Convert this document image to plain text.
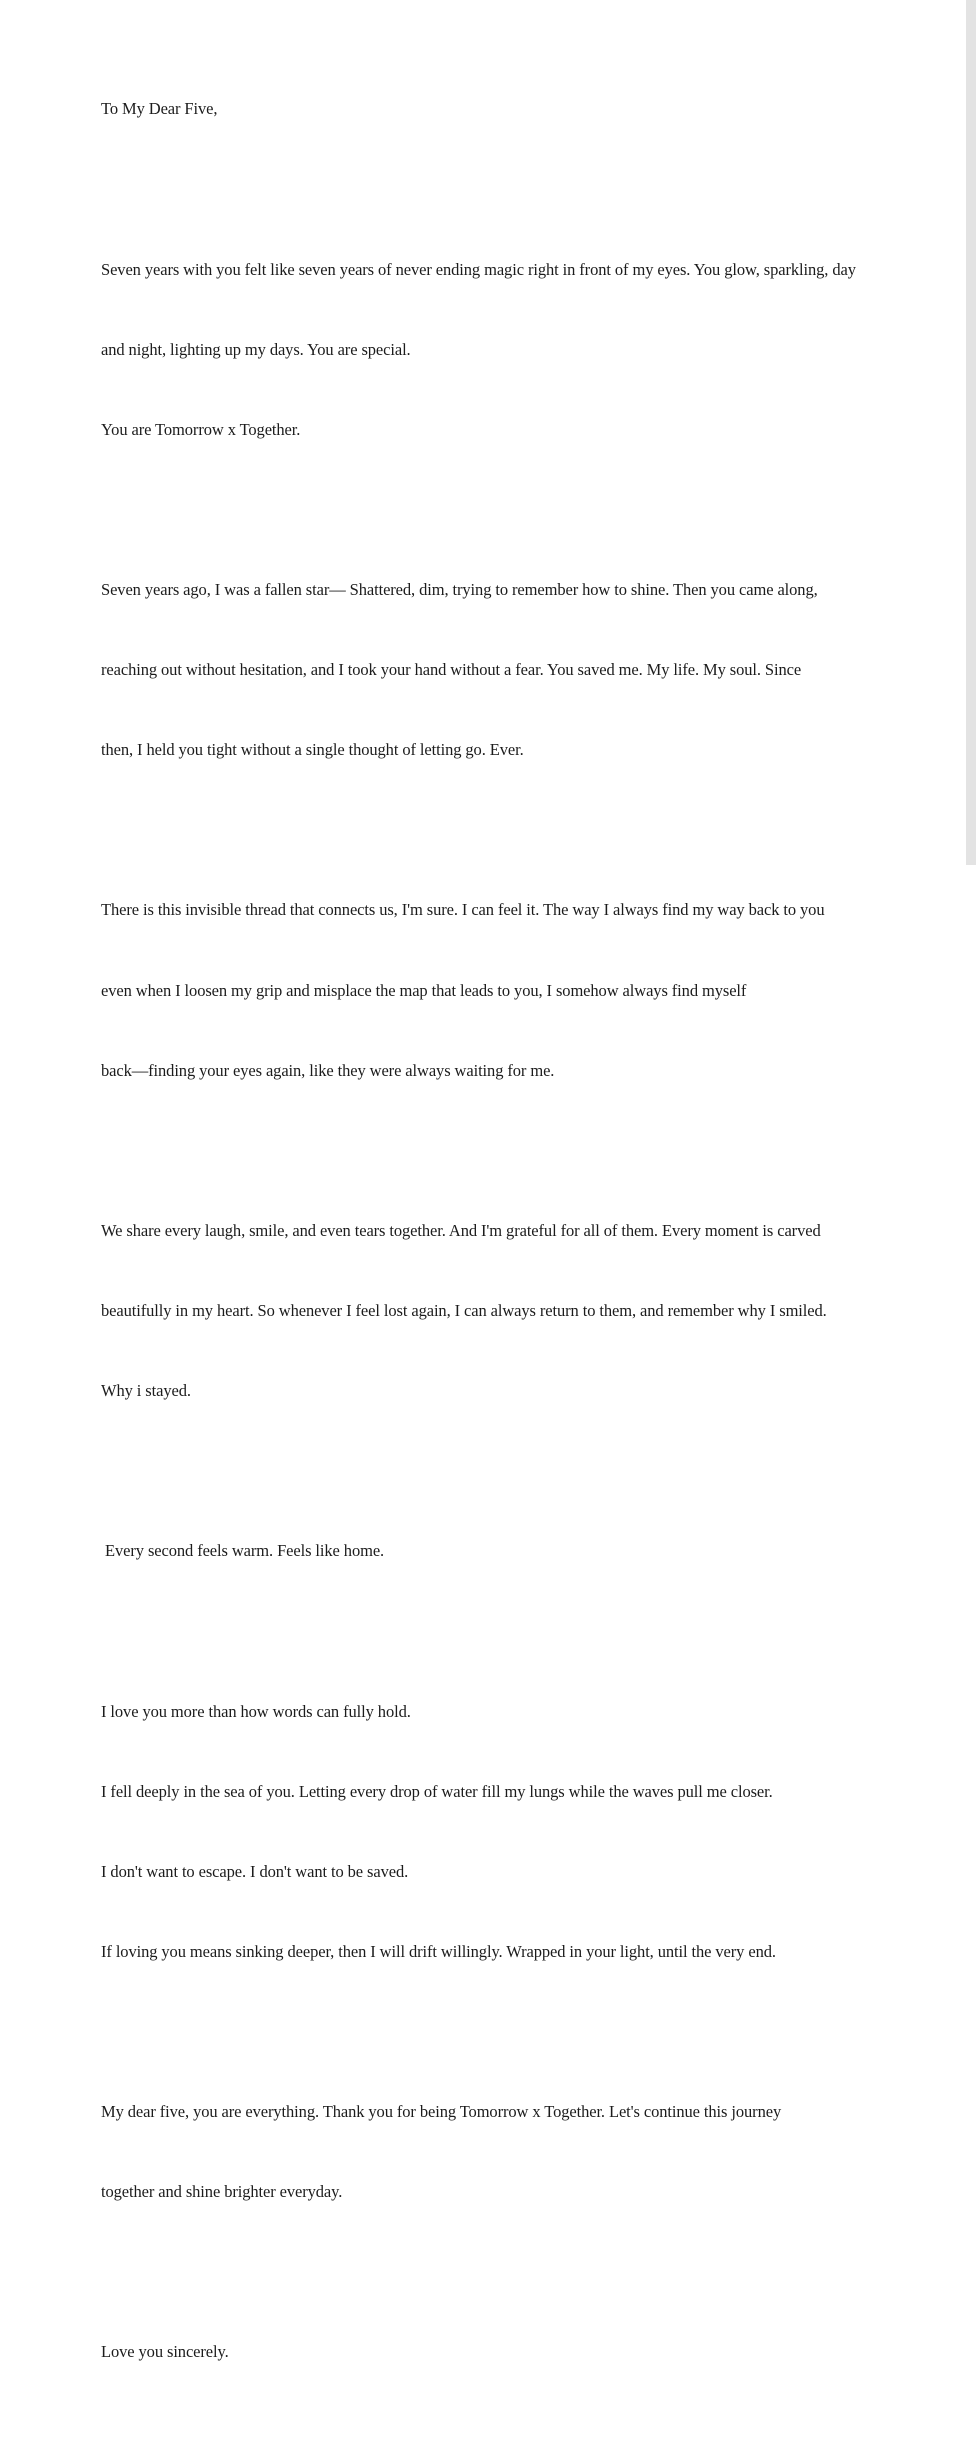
To My Dear Five,

Seven years with you felt like seven years of never ending magic right in front of my eyes. You glow, sparkling, day

and night, lighting up my days. You are special.

You are Tomorrow x Together.

Seven years ago, I was a fallen star— Shattered, dim, trying to remember how to shine. Then you came along,

reaching out without hesitation, and I took your hand without a fear. You saved me. My life. My soul. Since

then, I held you tight without a single thought of letting go. Ever.

There is this invisible thread that connects us, I'm sure. I can feel it. The way I always find my way back to you

even when I loosen my grip and misplace the map that leads to you, I somehow always find myself

back—finding your eyes again, like they were always waiting for me.

We share every laugh, smile, and even tears together. And I'm grateful for all of them. Every moment is carved

beautifully in my heart. So whenever I feel lost again, I can always return to them, and remember why I smiled.

Why i stayed.

Every second feels warm. Feels like home.

I love you more than how words can fully hold.

I fell deeply in the sea of you. Letting every drop of water fill my lungs while the waves pull me closer.

I don't want to escape. I don't want to be saved.

If loving you means sinking deeper, then I will drift willingly. Wrapped in your light, until the very end.

My dear five, you are everything. Thank you for being Tomorrow x Together. Let's continue this journey

together and shine brighter everyday.

Love you sincerely.
